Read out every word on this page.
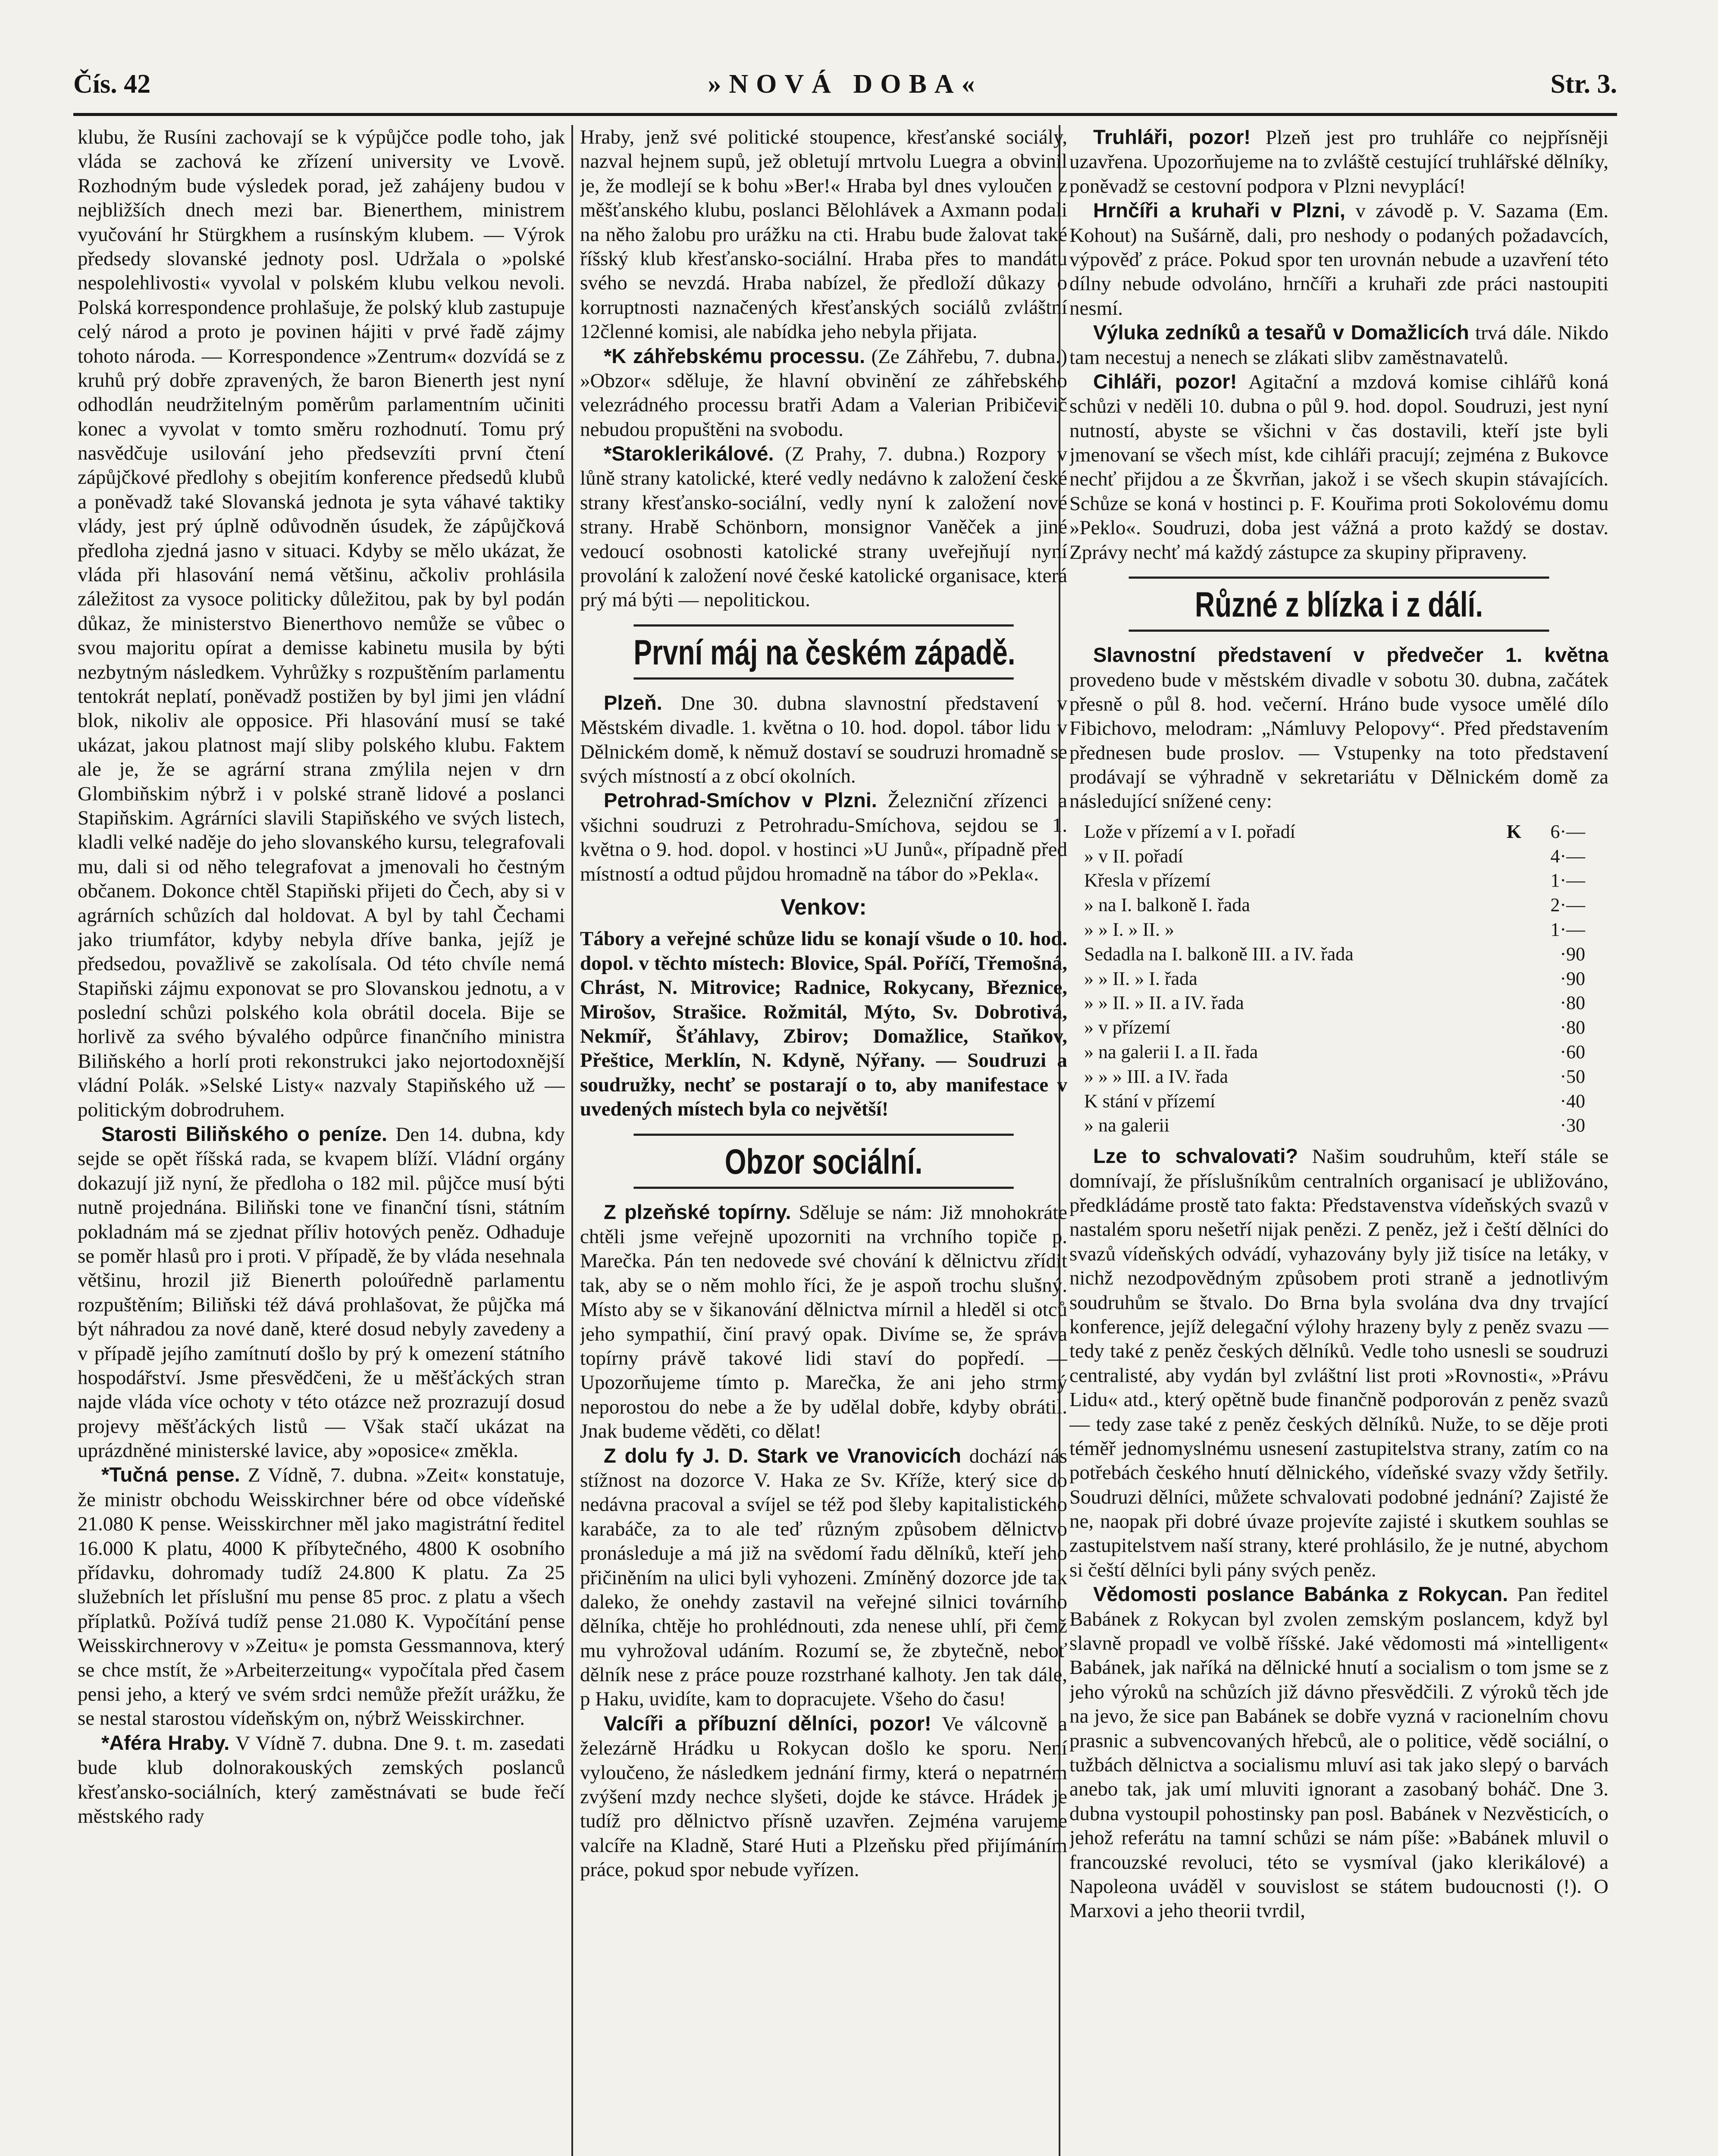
Čís. 42	»NOVÁ DOBA«	Str. 3.

klubu, že Rusíni zachovají se k výpůjčce podle toho, jak vláda se zachová ke zřízení university ve Lvově. Rozhodným bude výsledek porad, jež zahájeny budou v nejbližších dnech mezi bar. Bienerthem, ministrem vyučování hr Stürgkhem a rusínským klubem. — Výrok předsedy slovanské jednoty posl. Udržala o »polské nespolehlivosti« vyvolal v polském klubu velkou nevoli. Polská korrespondence prohlašuje, že polský klub zastupuje celý národ a proto je povinen hájiti v prvé řadě zájmy tohoto národa. — Korrespondence »Zentrum« dozvídá se z kruhů prý dobře zpravených, že baron Bienerth jest nyní odhodlán neudržitelným poměrům parlamentním učiniti konec a vyvolat v tomto směru rozhodnutí. Tomu prý nasvědčuje usilování jeho předsevzíti první čtení zápůjčkové předlohy s obejitím konference předsedů klubů a poněvadž také Slovanská jednota je syta váhavé taktiky vlády, jest prý úplně odůvodněn úsudek, že zápůjčková předloha zjedná jasno v situaci. Kdyby se mělo ukázat, že vláda při hlasování nemá většinu, ačkoliv prohlásila záležitost za vysoce politicky důležitou, pak by byl podán důkaz, že ministerstvo Bienerthovo nemůže se vůbec o svou majoritu opírat a demisse kabinetu musila by býti nezbytným následkem. Vyhrůžky s rozpuštěním parlamentu tentokrát neplatí, poněvadž postižen by byl jimi jen vládní blok, nikoliv ale opposice. Při hlasování musí se také ukázat, jakou platnost mají sliby polského klubu. Faktem ale je, že se agrární strana zmýlila nejen v drn Glombiňskim nýbrž i v polské straně lidové a poslanci Stapiňskim. Agrárníci slavili Stapiňského ve svých listech, kladli velké naděje do jeho slovanského kursu, telegrafovali mu, dali si od něho telegrafovat a jmenovali ho čestným občanem. Dokonce chtěl Stapiňski přijeti do Čech, aby si v agrárních schůzích dal holdovat. A byl by tahl Čechami jako triumfátor, kdyby nebyla dříve banka, jejíž je předsedou, považlivě se zakolísala. Od této chvíle nemá Stapiňski zájmu exponovat se pro Slovanskou jednotu, a v poslední schůzi polského kola obrátil docela. Bije se horlivě za svého bývalého odpůrce finančního ministra Biliňského a horlí proti rekonstrukci jako nejortodoxnější vládní Polák. »Selské Listy« nazvaly Stapiňského už — politickým dobrodruhem.

Starosti Biliňského o peníze. Den 14. dubna, kdy sejde se opět říšská rada, se kvapem blíží. Vládní orgány dokazují již nyní, že předloha o 182 mil. půjčce musí býti nutně projednána. Biliňski tone ve finanční tísni, státním pokladnám má se zjednat příliv hotových peněz. Odhaduje se poměr hlasů pro i proti. V případě, že by vláda nesehnala většinu, hrozil již Bienerth poloúředně parlamentu rozpuštěním; Biliňski též dává prohlašovat, že půjčka má být náhradou za nové daně, které dosud nebyly zavedeny a v případě jejího zamítnutí došlo by prý k omezení státního hospodářství. Jsme přesvědčeni, že u měšťáckých stran najde vláda více ochoty v této otázce než prozrazují dosud projevy měšťáckých listů — Však stačí ukázat na uprázdněné ministerské lavice, aby »oposice« změkla.

*Tučná pense. Z Vídně, 7. dubna. »Zeit« konstatuje, že ministr obchodu Weisskirchner bére od obce vídeňské 21.080 K pense. Weisskirchner měl jako magistrátní ředitel 16.000 K platu, 4000 K příbytečného, 4800 K osobního přídavku, dohromady tudíž 24.800 K platu. Za 25 služebních let příslušní mu pense 85 proc. z platu a všech příplatků. Požívá tudíž pense 21.080 K. Vypočítání pense Weisskirchnerovy v »Zeitu« je pomsta Gessmannova, který se chce mstít, že »Arbeiterzeitung« vypočítala před časem pensi jeho, a který ve svém srdci nemůže přežít urážku, že se nestal starostou vídeňským on, nýbrž Weisskirchner.

*Aféra Hraby. V Vídně 7. dubna. Dne 9. t. m. zasedati bude klub dolnorakouských zemských poslanců křesťansko-sociálních, který zaměstnávati se bude řečí městského rady

Hraby, jenž své politické stoupence, křesťanské sociály, nazval hejnem supů, jež obletují mrtvolu Luegra a obvinil je, že modlejí se k bohu »Ber!« Hraba byl dnes vyloučen z měšťanského klubu, poslanci Bělohlávek a Axmann podali na něho žalobu pro urážku na cti. Hrabu bude žalovat také říšský klub křesťansko-sociální. Hraba přes to mandátu svého se nevzdá. Hraba nabízel, že předloží důkazy o korruptnosti naznačených křesťanských sociálů zvláštní 12členné komisi, ale nabídka jeho nebyla přijata.

*K záhřebskému processu. (Ze Záhřebu, 7. dubna.) »Obzor« sděluje, že hlavní obvinění ze záhřebského velezrádného processu bratři Adam a Valerian Pribičevič nebudou propuštěni na svobodu.

*Staroklerikálové. (Z Prahy, 7. dubna.) Rozpory v lůně strany katolické, které vedly nedávno k založení české strany křesťansko-sociální, vedly nyní k založení nové strany. Hrabě Schönborn, monsignor Vaněček a jiné vedoucí osobnosti katolické strany uveřejňují nyní provolání k založení nové české katolické organisace, která prý má býti — nepolitickou.

První máj na českém západě.

Plzeň. Dne 30. dubna slavnostní představení v Městském divadle. 1. května o 10. hod. dopol. tábor lidu v Dělnickém domě, k němuž dostaví se soudruzi hromadně se svých místností a z obcí okolních.

Petrohrad-Smíchov v Plzni. Železniční zřízenci a všichni soudruzi z Petrohradu-Smíchova, sejdou se 1. května o 9. hod. dopol. v hostinci »U Junů«, případně před místností a odtud půjdou hromadně na tábor do »Pekla«.

Venkov:

Tábory a veřejné schůze lidu se konají všude o 10. hod. dopol. v těchto místech: Blovice, Spál. Poříčí, Třemošná, Chrást, N. Mitrovice; Radnice, Rokycany, Březnice, Mirošov, Strašice. Rožmitál, Mýto, Sv. Dobrotivá, Nekmíř, Šťáhlavy, Zbirov; Domažlice, Staňkov, Přeštice, Merklín, N. Kdyně, Nýřany. — Soudruzi a soudružky, nechť se postarají o to, aby manifestace v uvedených místech byla co největší!

Obzor sociální.

Z plzeňské topírny. Sděluje se nám: Již mnohokráte chtěli jsme veřejně upozorniti na vrchního topiče p. Marečka. Pán ten nedovede své chování k dělnictvu zřídit tak, aby se o něm mohlo říci, že je aspoň trochu slušný. Místo aby se v šikanování dělnictva mírnil a hleděl si otců jeho sympathií, činí pravý opak. Divíme se, že správa topírny právě takové lidi staví do popředí. — Upozorňujeme tímto p. Marečka, že ani jeho strmý neporostou do nebe a že by udělal dobře, kdyby obrátil. Jnak budeme věděti, co dělat!

Z dolu fy J. D. Stark ve Vranovicích dochází nás stížnost na dozorce V. Haka ze Sv. Kříže, který sice do nedávna pracoval a svíjel se též pod šleby kapitalistického karabáče, za to ale teď různým způsobem dělnictvo pronásleduje a má již na svědomí řadu dělníků, kteří jeho přičiněním na ulici byli vyhozeni. Zmíněný dozorce jde tak daleko, že onehdy zastavil na veřejné silnici továrního dělníka, chtěje ho prohlédnouti, zda nenese uhlí, při čemž mu vyhrožoval udáním. Rozumí se, že zbytečně, neboť dělník nese z práce pouze rozstrhané kalhoty. Jen tak dále, p Haku, uvidíte, kam to dopracujete. Všeho do času!

Valcíři a příbuzní dělníci, pozor! Ve válcovně a železárně Hrádku u Rokycan došlo ke sporu. Není vyloučeno, že následkem jednání firmy, která o nepatrném zvýšení mzdy nechce slyšeti, dojde ke stávce. Hrádek je tudíž pro dělnictvo přísně uzavřen. Zejména varujeme valcíře na Kladně, Staré Huti a Plzeňsku před přijímáním práce, pokud spor nebude vyřízen.

Truhláři, pozor! Plzeň jest pro truhláře co nejpřísněji uzavřena. Upozorňujeme na to zvláště cestující truhlářské dělníky, poněvadž se cestovní podpora v Plzni nevyplácí!

Hrnčíři a kruhaři v Plzni, v závodě p. V. Sazama (Em. Kohout) na Sušárně, dali, pro neshody o podaných požadavcích, výpověď z práce. Pokud spor ten urovnán nebude a uzavření této dílny nebude odvoláno, hrnčíři a kruhaři zde práci nastoupiti nesmí.

Výluka zedníků a tesařů v Domažlicích trvá dále. Nikdo tam necestuj a nenech se zlákati slibv zaměstnavatelů.

Cihláři, pozor! Agitační a mzdová komise cihlářů koná schůzi v neděli 10. dubna o půl 9. hod. dopol. Soudruzi, jest nyní nutností, abyste se všichni v čas dostavili, kteří jste byli jmenovaní se všech míst, kde cihláři pracují; zejména z Bukovce nechť přijdou a ze Škvrňan, jakož i se všech skupin stávajících. Schůze se koná v hostinci p. F. Kouřima proti Sokolovému domu »Peklo«. Soudruzi, doba jest vážná a proto každý se dostav. Zprávy nechť má každý zástupce za skupiny připraveny.

Různé z blízka i z dálí.

Slavnostní představení v předvečer 1. května provedeno bude v městském divadle v sobotu 30. dubna, začátek přesně o půl 8. hod. večerní. Hráno bude vysoce umělé dílo Fibichovo, melodram: „Námluvy Pelopovy“. Před představením přednesen bude proslov. — Vstupenky na toto představení prodávají se výhradně v sekretariátu v Dělnickém domě za následující snížené ceny:

Lože v přízemí a v I. pořadí	K	6·—
» v II. pořadí		4·—
Křesla v přízemí		1·—
» na I. balkoně I. řada		2·—
» » I. » II. »		1·—
Sedadla na I. balkoně III. a IV. řada		·90
» » II. » I. řada		·90
» » II. » II. a IV. řada		·80
» v přízemí		·80
» na galerii I. a II. řada		·60
» » » III. a IV. řada		·50
K stání v přízemí		·40
» na galerii		·30

Lze to schvalovati? Našim soudruhům, kteří stále se domnívají, že příslušníkům centralních organisací je ubližováno, předkládáme prostě tato fakta: Představenstva vídeňských svazů v nastalém sporu nešetří nijak penězi. Z peněz, jež i čeští dělníci do svazů vídeňských odvádí, vyhazovány byly již tisíce na letáky, v nichž nezodpovědným způsobem proti straně a jednotlivým soudruhům se štvalo. Do Brna byla svolána dva dny trvající konference, jejíž delegační výlohy hrazeny byly z peněz svazu — tedy také z peněz českých dělníků. Vedle toho usnesli se soudruzi centralisté, aby vydán byl zvláštní list proti »Rovnosti«, »Právu Lidu« atd., který opětně bude finančně podporován z peněz svazů — tedy zase také z peněz českých dělníků. Nuže, to se děje proti téměř jednomyslnému usnesení zastupitelstva strany, zatím co na potřebách českého hnutí dělnického, vídeňské svazy vždy šetřily. Soudruzi dělníci, můžete schvalovati podobné jednání? Zajisté že ne, naopak při dobré úvaze projevíte zajisté i skutkem souhlas se zastupitelstvem naší strany, které prohlásilo, že je nutné, abychom si čeští dělníci byli pány svých peněz.

Vědomosti poslance Babánka z Rokycan. Pan ředitel Babánek z Rokycan byl zvolen zemským poslancem, když byl slavně propadl ve volbě říšské. Jaké vědomosti má »intelligent« Babánek, jak naříká na dělnické hnutí a socialism o tom jsme se z jeho výroků na schůzích již dávno přesvědčili. Z výroků těch jde na jevo, že sice pan Babánek se dobře vyzná v racionelním chovu prasnic a subvencovaných hřebců, ale o politice, vědě sociální, o tužbách dělnictva a socialismu mluví asi tak jako slepý o barvách anebo tak, jak umí mluviti ignorant a zasobaný boháč. Dne 3. dubna vystoupil pohostinsky pan posl. Babánek v Nezvěsticích, o jehož referátu na tamní schůzi se nám píše: »Babánek mluvil o francouzské revoluci, této se vysmíval (jako klerikálové) a Napoleona uváděl v souvislost se státem budoucnosti (!). O Marxovi a jeho theorii tvrdil,
